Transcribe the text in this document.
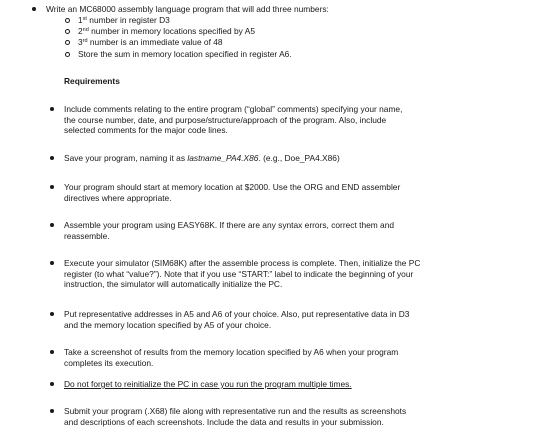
Write an MC68000 assembly language program that will add three numbers:
1st number in register D3
2nd number in memory locations specified by A5
3rd number is an immediate value of 48
Store the sum in memory location specified in register A6.
Requirements
Include comments relating to the entire program (“global” comments) specifying your name,
the course number, date, and purpose/structure/approach of the program. Also, include
selected comments for the major code lines.
Save your program, naming it as lastname_PA4.X86. (e.g., Doe_PA4.X86)
Your program should start at memory location at $2000. Use the ORG and END assembler
directives where appropriate.
Assemble your program using EASY68K. If there are any syntax errors, correct them and
reassemble.
Execute your simulator (SIM68K) after the assemble process is complete. Then, initialize the PC
register (to what “value?”). Note that if you use “START:” label to indicate the beginning of your
instruction, the simulator will automatically initialize the PC.
Put representative addresses in A5 and A6 of your choice. Also, put representative data in D3
and the memory location specified by A5 of your choice.
Take a screenshot of results from the memory location specified by A6 when your program
completes its execution.
Do not forget to reinitialize the PC in case you run the program multiple times.
Submit your program (.X68) file along with representative run and the results as screenshots
and descriptions of each screenshots. Include the data and results in your submission.
